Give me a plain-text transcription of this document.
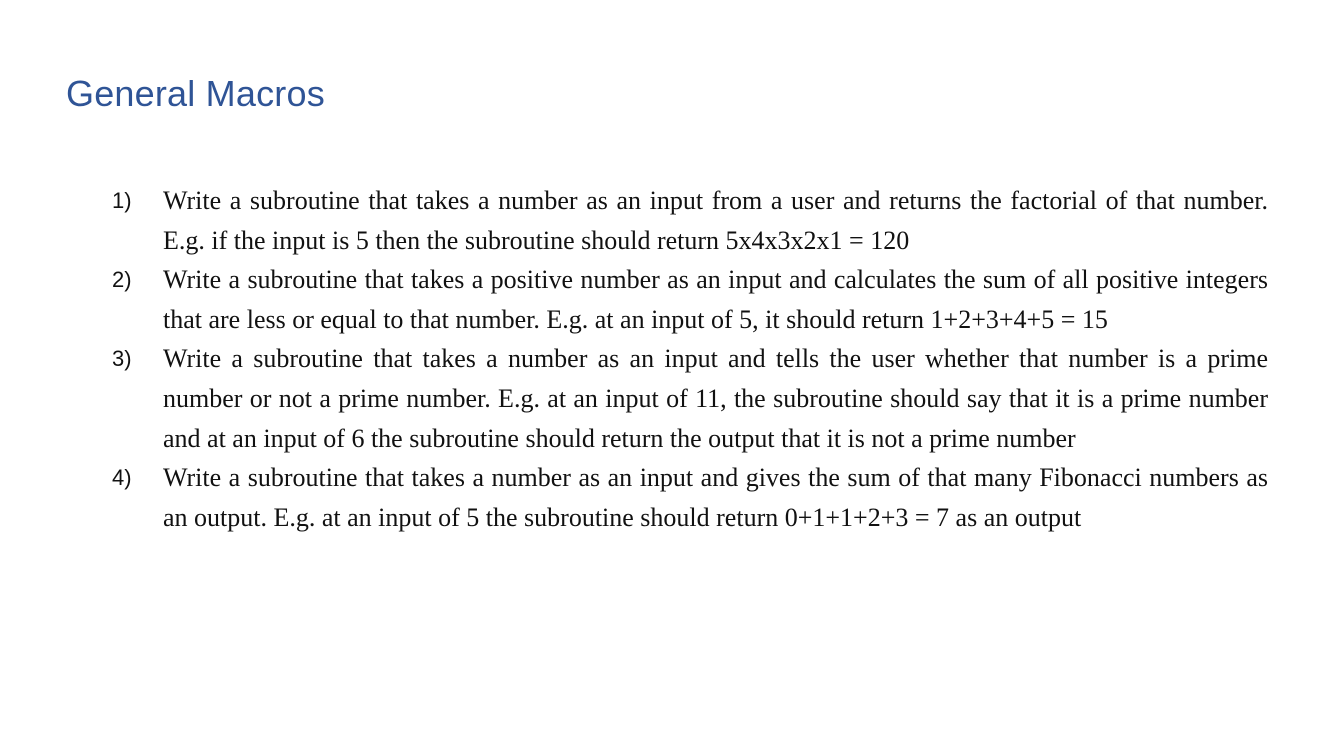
General Macros
1) Write a subroutine that takes a number as an input from a user and returns the factorial of that number. E.g. if the input is 5 then the subroutine should return 5x4x3x2x1 = 120
2) Write a subroutine that takes a positive number as an input and calculates the sum of all positive integers that are less or equal to that number. E.g. at an input of 5, it should return 1+2+3+4+5 = 15
3) Write a subroutine that takes a number as an input and tells the user whether that number is a prime number or not a prime number. E.g. at an input of 11, the subroutine should say that it is a prime number and at an input of 6 the subroutine should return the output that it is not a prime number
4) Write a subroutine that takes a number as an input and gives the sum of that many Fibonacci numbers as an output. E.g. at an input of 5 the subroutine should return 0+1+1+2+3 = 7 as an output
